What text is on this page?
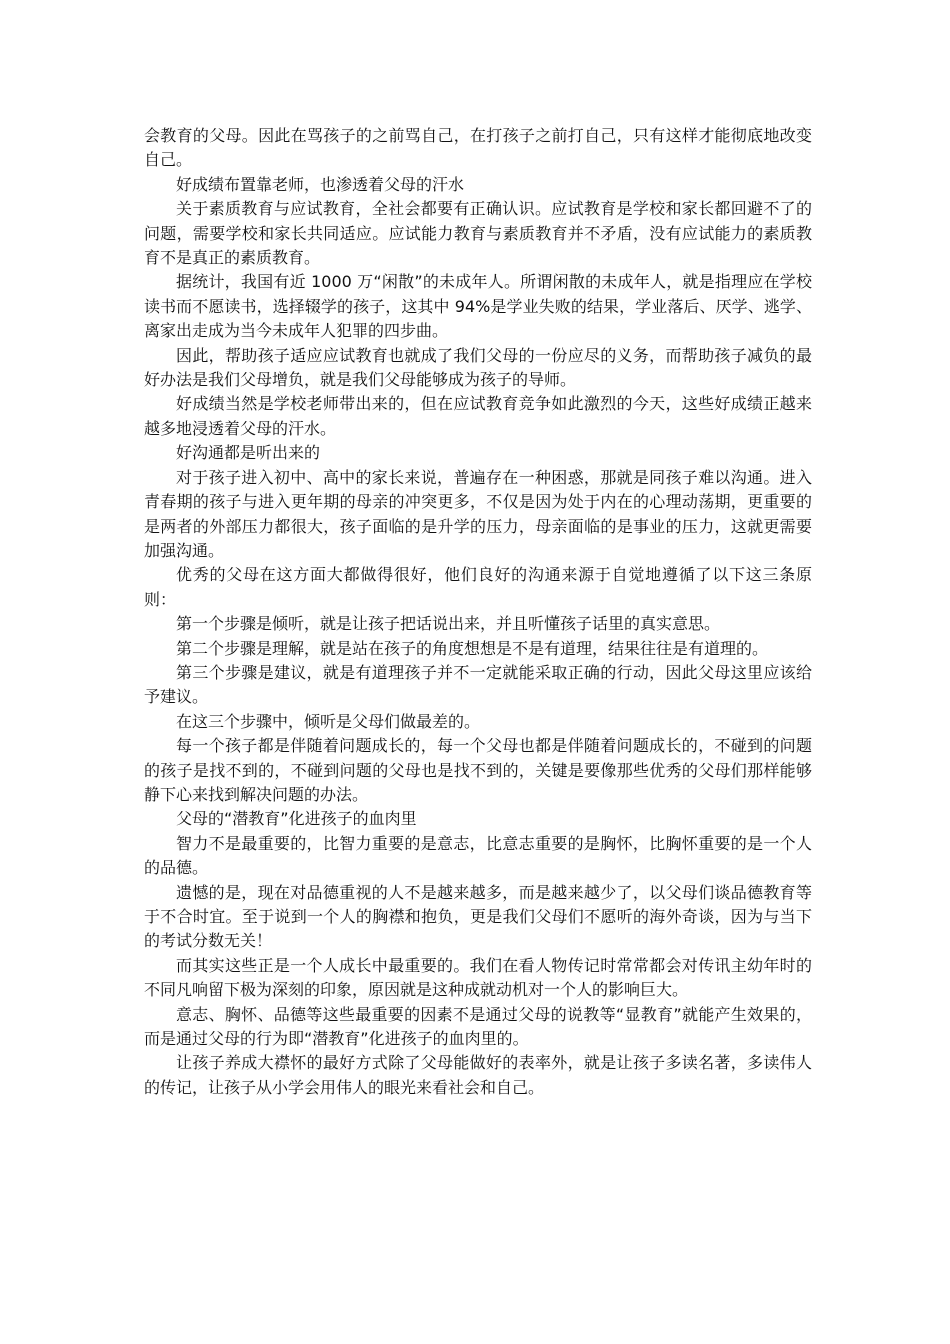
会教育的父母。因此在骂孩子的之前骂自己，在打孩子之前打自己，只有这样才能彻底地改变自己。

好成绩布置靠老师，也渗透着父母的汗水

关于素质教育与应试教育，全社会都要有正确认识。应试教育是学校和家长都回避不了的问题，需要学校和家长共同适应。应试能力教育与素质教育并不矛盾，没有应试能力的素质教育不是真正的素质教育。

据统计，我国有近 1000 万“闲散”的未成年人。所谓闲散的未成年人，就是指理应在学校读书而不愿读书，选择辍学的孩子，这其中 94%是学业失败的结果，学业落后、厌学、逃学、离家出走成为当今未成年人犯罪的四步曲。

因此，帮助孩子适应应试教育也就成了我们父母的一份应尽的义务，而帮助孩子减负的最好办法是我们父母增负，就是我们父母能够成为孩子的导师。

好成绩当然是学校老师带出来的，但在应试教育竞争如此激烈的今天，这些好成绩正越来越多地浸透着父母的汗水。

好沟通都是听出来的

对于孩子进入初中、高中的家长来说，普遍存在一种困惑，那就是同孩子难以沟通。进入青春期的孩子与进入更年期的母亲的冲突更多，不仅是因为处于内在的心理动荡期，更重要的是两者的外部压力都很大，孩子面临的是升学的压力，母亲面临的是事业的压力，这就更需要加强沟通。

优秀的父母在这方面大都做得很好，他们良好的沟通来源于自觉地遵循了以下这三条原则：

第一个步骤是倾听，就是让孩子把话说出来，并且听懂孩子话里的真实意思。

第二个步骤是理解，就是站在孩子的角度想想是不是有道理，结果往往是有道理的。

第三个步骤是建议，就是有道理孩子并不一定就能采取正确的行动，因此父母这里应该给予建议。

在这三个步骤中，倾听是父母们做最差的。

每一个孩子都是伴随着问题成长的，每一个父母也都是伴随着问题成长的，不碰到的问题的孩子是找不到的，不碰到问题的父母也是找不到的，关键是要像那些优秀的父母们那样能够静下心来找到解决问题的办法。

父母的“潜教育”化进孩子的血肉里

智力不是最重要的，比智力重要的是意志，比意志重要的是胸怀，比胸怀重要的是一个人的品德。

遗憾的是，现在对品德重视的人不是越来越多，而是越来越少了，以父母们谈品德教育等于不合时宜。至于说到一个人的胸襟和抱负，更是我们父母们不愿听的海外奇谈，因为与当下的考试分数无关！

而其实这些正是一个人成长中最重要的。我们在看人物传记时常常都会对传讯主幼年时的不同凡响留下极为深刻的印象，原因就是这种成就动机对一个人的影响巨大。

意志、胸怀、品德等这些最重要的因素不是通过父母的说教等“显教育”就能产生效果的，而是通过父母的行为即“潜教育”化进孩子的血肉里的。

让孩子养成大襟怀的最好方式除了父母能做好的表率外，就是让孩子多读名著，多读伟人的传记，让孩子从小学会用伟人的眼光来看社会和自己。
